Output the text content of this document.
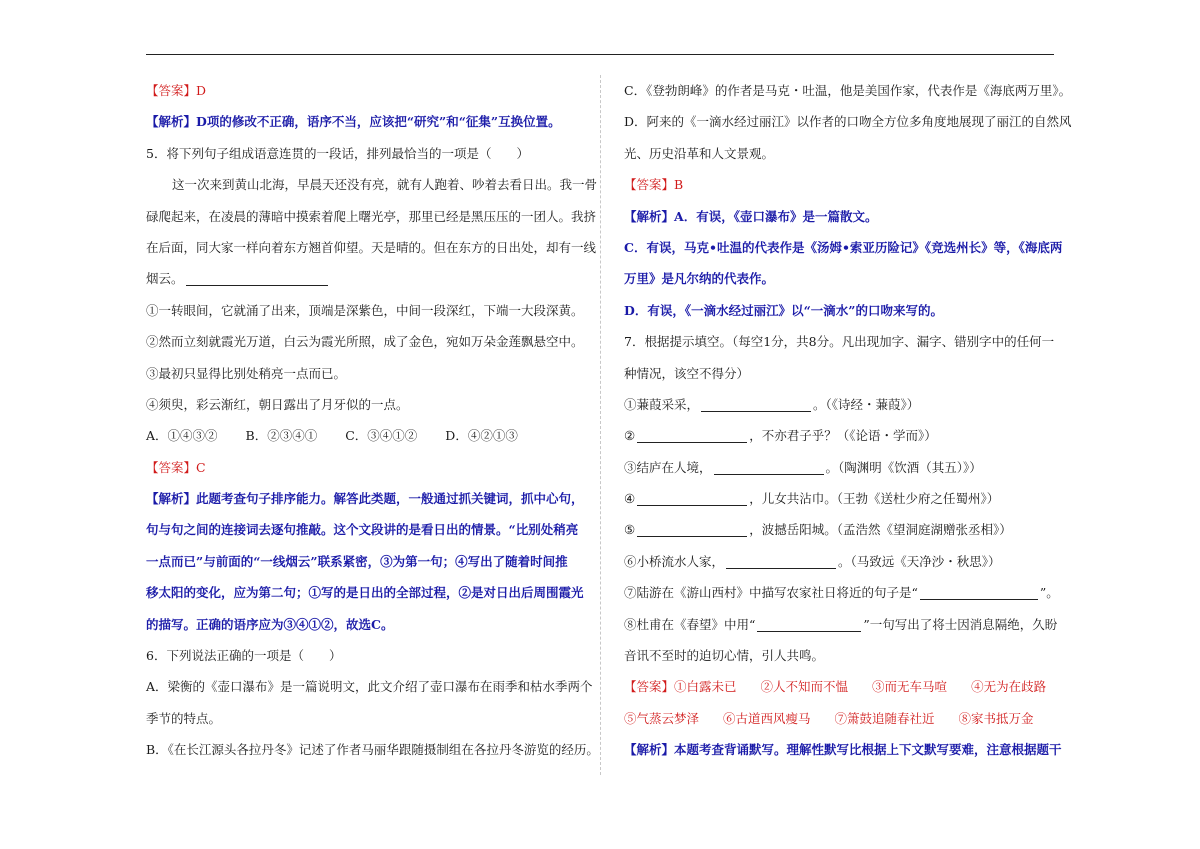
【答案】D
【解析】D项的修改不正确，语序不当，应该把“研究”和“征集”互换位置。
5．将下列句子组成语意连贯的一段话，排列最恰当的一项是（　　）
这一次来到黄山北海，早晨天还没有亮，就有人跑着、吵着去看日出。我一骨
碌爬起来，在凌晨的薄暗中摸索着爬上曙光亭，那里已经是黑压压的一团人。我挤
在后面，同大家一样向着东方翘首仰望。天是晴的。但在东方的日出处，却有一线
烟云。
①一转眼间，它就涌了出来，顶端是深紫色，中间一段深红，下端一大段深黄。
②然而立刻就霞光万道，白云为霞光所照，成了金色，宛如万朵金莲飘悬空中。
③最初只显得比别处稍亮一点而已。
④须臾，彩云渐红，朝日露出了月牙似的一点。
A．①④③② B．②③④① C．③④①② D．④②①③
【答案】C
【解析】此题考查句子排序能力。解答此类题，一般通过抓关键词，抓中心句，
句与句之间的连接词去逐句推敲。这个文段讲的是看日出的情景。“比别处稍亮
一点而已”与前面的“一线烟云”联系紧密，③为第一句；④写出了随着时间推
移太阳的变化，应为第二句；①写的是日出的全部过程，②是对日出后周围霞光
的描写。正确的语序应为③④①②，故选C。
6．下列说法正确的一项是（　　）
A．梁衡的《壶口瀑布》是一篇说明文，此文介绍了壶口瀑布在雨季和枯水季两个
季节的特点。
B．《在长江源头各拉丹冬》记述了作者马丽华跟随摄制组在各拉丹冬游览的经历。
C．《登勃朗峰》的作者是马克・吐温，他是美国作家，代表作是《海底两万里》。
D．阿来的《一滴水经过丽江》以作者的口吻全方位多角度地展现了丽江的自然风
光、历史沿革和人文景观。
【答案】B
【解析】A．有误，《壶口瀑布》是一篇散文。
C．有误，马克•吐温的代表作是《汤姆•索亚历险记》《竞选州长》等，《海底两
万里》是凡尔纳的代表作。
D．有误，《一滴水经过丽江》以“一滴水”的口吻来写的。
7．根据提示填空。（每空1分，共8分。凡出现加字、漏字、错别字中的任何一
种情况，该空不得分）
①蒹葭采采，	。（《诗经・蒹葭》）
②	，不亦君子乎？（《论语・学而》）
③结庐在人境，	。（陶渊明《饮酒（其五）》）
④	，儿女共沾巾。（王勃《送杜少府之任蜀州》）
⑤	，波撼岳阳城。（孟浩然《望洞庭湖赠张丞相》）
⑥小桥流水人家，	。（马致远《天净沙・秋思》）
⑦陆游在《游山西村》中描写农家社日将近的句子是“	”。
⑧杜甫在《春望》中用“	”一句写出了将士因消息隔绝，久盼
音讯不至时的迫切心情，引人共鸣。
【答案】①白露未已 ②人不知而不愠 ③而无车马喧 ④无为在歧路
⑤气蒸云梦泽 ⑥古道西风瘦马 ⑦箫鼓追随春社近 ⑧家书抵万金
【解析】本题考查背诵默写。理解性默写比根据上下文默写要难，注意根据题干
